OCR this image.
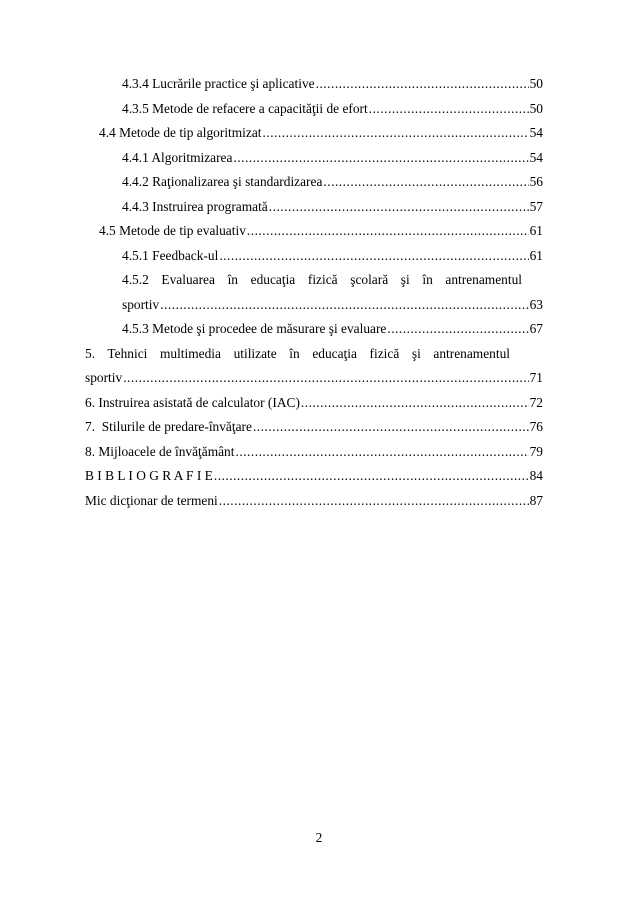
4.3.4 Lucrările practice şi aplicative .....	50
4.3.5 Metode de refacere a capacităţii de efort .....	50
4.4 Metode de tip algoritmizat .....	54
4.4.1 Algoritmizarea .....	54
4.4.2 Raţionalizarea şi standardizarea .....	56
4.4.3 Instruirea programată .....	57
4.5 Metode de tip evaluativ .....	61
4.5.1 Feedback-ul .....	61
4.5.2 Evaluarea în educaţia fizică şcolară şi în antrenamentul
sportiv .....	63
4.5.3 Metode şi procedee de măsurare şi evaluare .....	67
5. Tehnici multimedia utilizate în educaţia fizică şi antrenamentul
sportiv .....	71
6. Instruirea asistată de calculator (IAC) .....	72
7.  Stilurile de predare-învăţare .....	76
8. Mijloacele de învăţământ .....	79
B I B L I O G R A F I E .....	84
Mic dicţionar de termeni .....	87
2
